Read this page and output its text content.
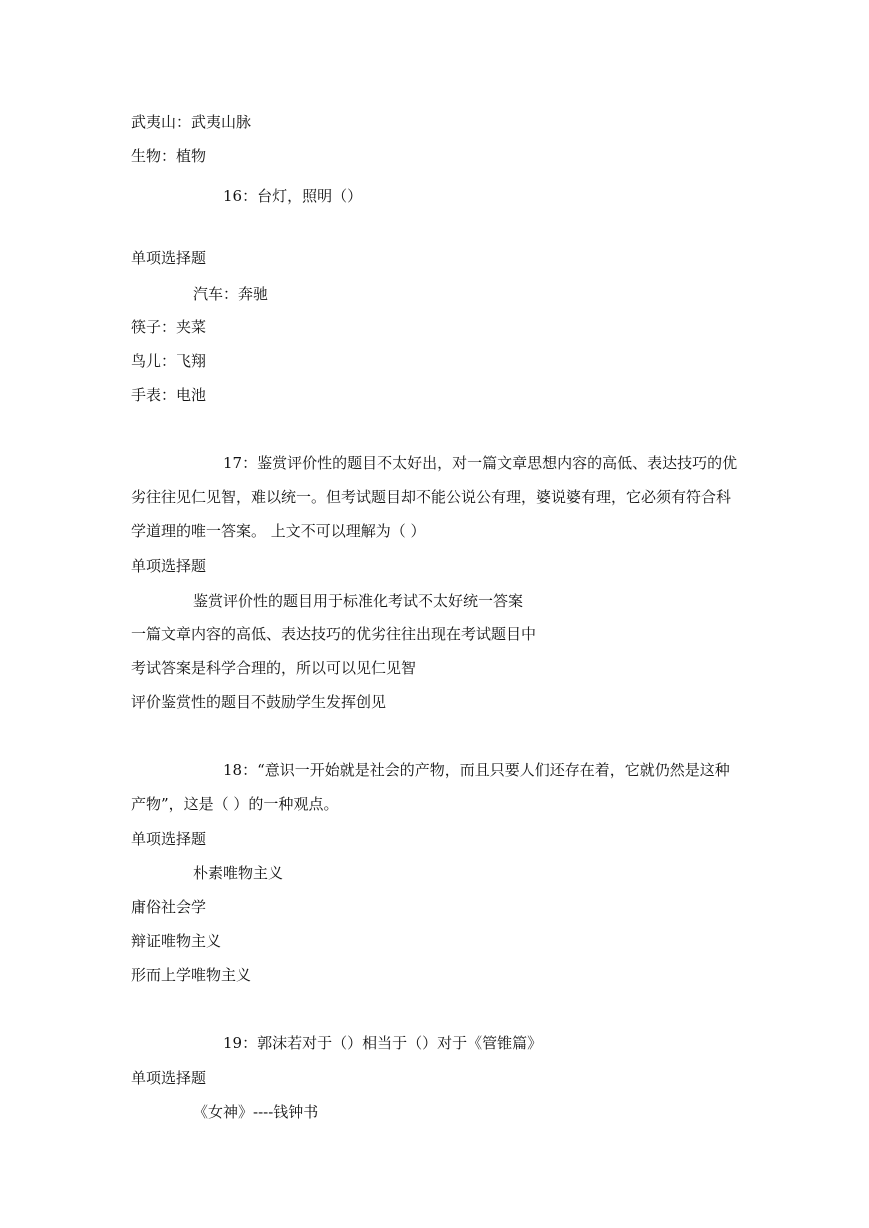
武夷山：武夷山脉
生物：植物
16：台灯，照明（）
单项选择题
汽车：奔驰
筷子：夹菜
鸟儿：飞翔
手表：电池
17：鉴赏评价性的题目不太好出，对一篇文章思想内容的高低、表达技巧的优
劣往往见仁见智，难以统一。但考试题目却不能公说公有理，婆说婆有理，它必须有符合科
学道理的唯一答案。 上文不可以理解为（ ）
单项选择题
鉴赏评价性的题目用于标准化考试不太好统一答案
一篇文章内容的高低、表达技巧的优劣往往出现在考试题目中
考试答案是科学合理的，所以可以见仁见智
评价鉴赏性的题目不鼓励学生发挥创见
18：“意识一开始就是社会的产物，而且只要人们还存在着，它就仍然是这种
产物”，这是（ ）的一种观点。
单项选择题
朴素唯物主义
庸俗社会学
辩证唯物主义
形而上学唯物主义
19：郭沫若对于（）相当于（）对于《管锥篇》
单项选择题
《女神》----钱钟书
